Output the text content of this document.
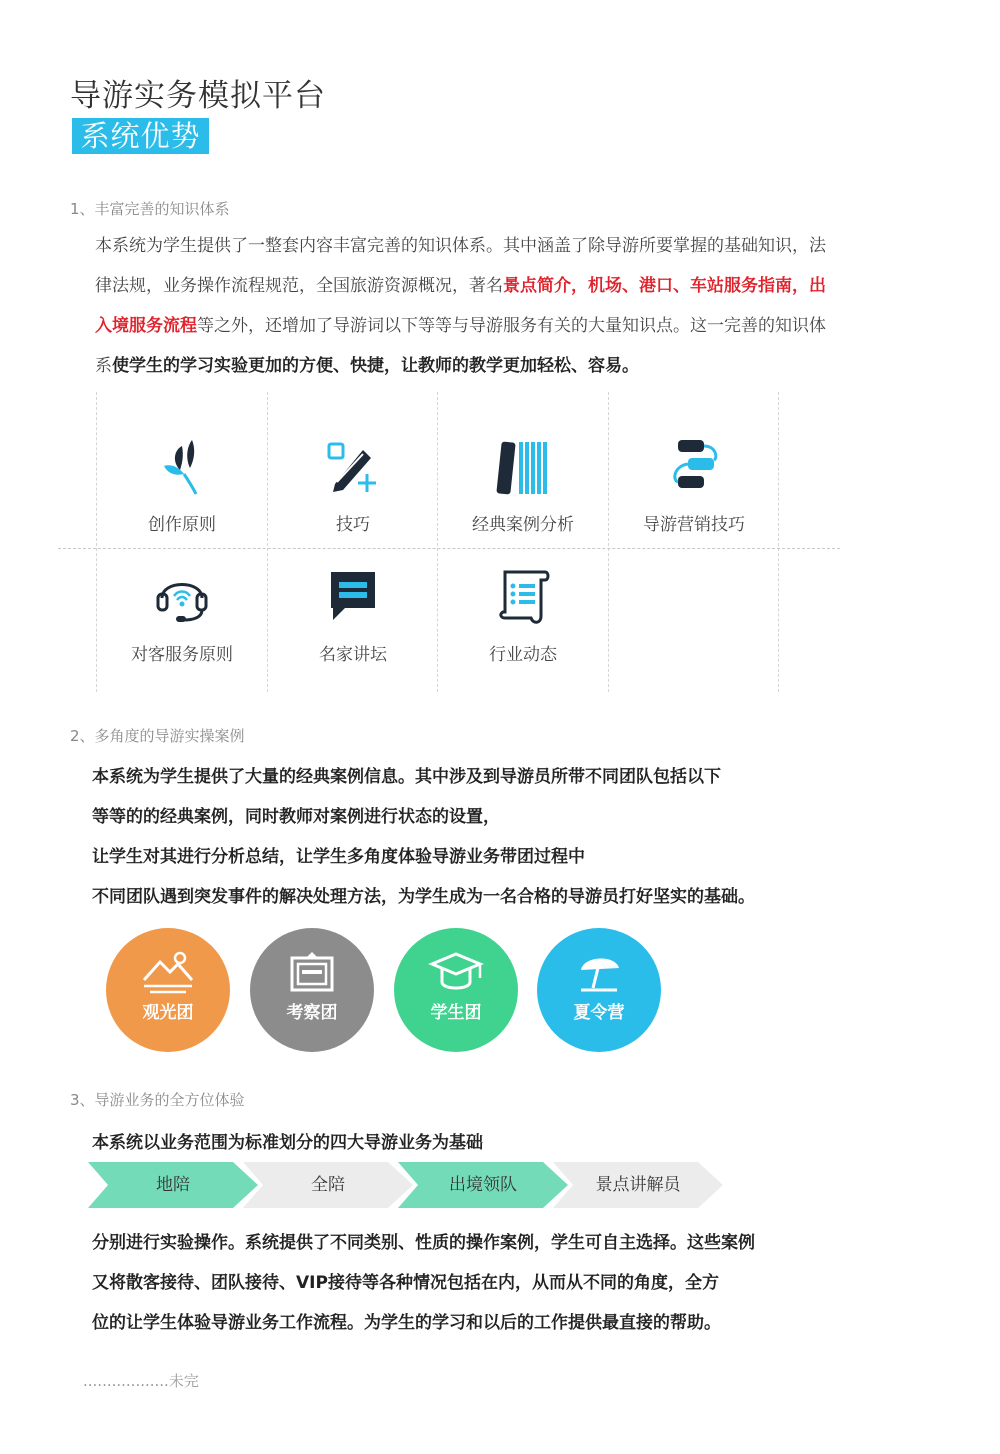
导游实务模拟平台
系统优势
1、丰富完善的知识体系
本系统为学生提供了一整套内容丰富完善的知识体系。其中涵盖了除导游所要掌握的基础知识，法
律法规，业务操作流程规范，全国旅游资源概况，著名景点简介，机场、港口、车站服务指南，出
入境服务流程等之外，还增加了导游词以下等等与导游服务有关的大量知识点。这一完善的知识体
系使学生的学习实验更加的方便、快捷，让教师的教学更加轻松、容易。
创作原则	技巧	经典案例分析	导游营销技巧
对客服务原则	名家讲坛	行业动态
2、多角度的导游实操案例
本系统为学生提供了大量的经典案例信息。其中涉及到导游员所带不同团队包括以下
等等的的经典案例，同时教师对案例进行状态的设置，
让学生对其进行分析总结，让学生多角度体验导游业务带团过程中
不同团队遇到突发事件的解决处理方法，为学生成为一名合格的导游员打好坚实的基础。
观光团	考察团	学生团	夏令营
3、导游业务的全方位体验
本系统以业务范围为标准划分的四大导游业务为基础
地陪	全陪	出境领队	景点讲解员
分别进行实验操作。系统提供了不同类别、性质的操作案例，学生可自主选择。这些案例
又将散客接待、团队接待、VIP接待等各种情况包括在内，从而从不同的角度，全方
位的让学生体验导游业务工作流程。为学生的学习和以后的工作提供最直接的帮助。
..................未完
